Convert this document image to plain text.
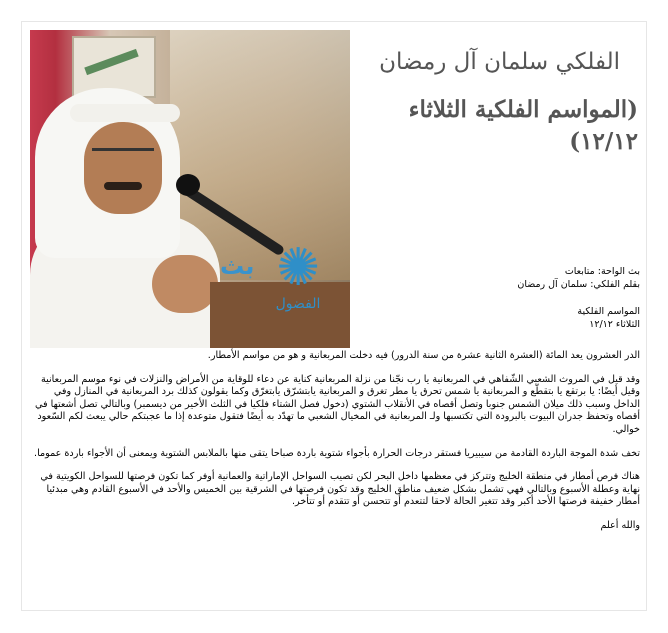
بث ✺
الفضول
الفلكي سلمان آل رمضان
(المواسم الفلكية الثلاثاء ١٢/١٢)

بث الواحة: متابعات

بقلم الفلكي: سلمان آل رمضان

المواسم الفلكية

الثلاثاء ١٢/١٢

الدر العشرون يعد المائة (العشرة الثانية عشرة من سنة الدرور) فيه دخلت المربعانية و هو من مواسم الأمطار.

وقد قيل في المروث الشعبي الشّفاهي في المربعانية يا رب نجّنا من نزلة المربعانية كناية عن دعاء للوقاية من الأمراض والنزلات في نوء موسم المربعانية وقيل أيضًا: يا برتقع يا بتقطّع و المربعانية يا شمس تحرق يا مطر تغرق و المربعانية يابتشرّق يابتغرّق وكما يقولون كذلك برد المربعانية في المنازل وفي الداخل وسبب ذلك ميلان الشمس جنوبا وتصل أقصاه في الأنقلاب الشتوي (دخول فصل الشتاء فلكيا في الثلث الأخير من ديسمبر) وبالتالي تصل أشعتها في أقصاه وتحفظ جدران البيوت بالبرودة التي تكتسبها ولـ المربعانية في المخيال الشعبي ما تهدّد به أيضًا فتقول متوعدة إذا ما عجبتكم حالي يبعث لكم السّعود خوالي.

تخف شدة الموجة الباردة القادمة من سيبيريا فستقر درجات الحرارة بأجواء شتوية باردة صباحا يتقى منها بالملابس الشتوية ويمعنى أن الأجواء باردة عموما.

هناك فرص أمطار في منطقة الخليج وتتركز في معظمها داخل البحر لكن تصيب السواحل الإماراتية والعمانية أوفر كما تكون فرصتها للسواحل الكويتية في نهاية وعطلة الأسبوع وبالتالي فهي تشمل بشكل ضعيف مناطق الخليج وقد تكون فرصتها في الشرقية بين الخميس والأحد في الأسبوع القادم وهي مبدئيا أمطار خفيفة فرصتها الأحد أكبر وقد تتغير الحالة لاحقا لتتعدم أو تتحسن أو تتقدم أو تتأخر.

والله أعلم
